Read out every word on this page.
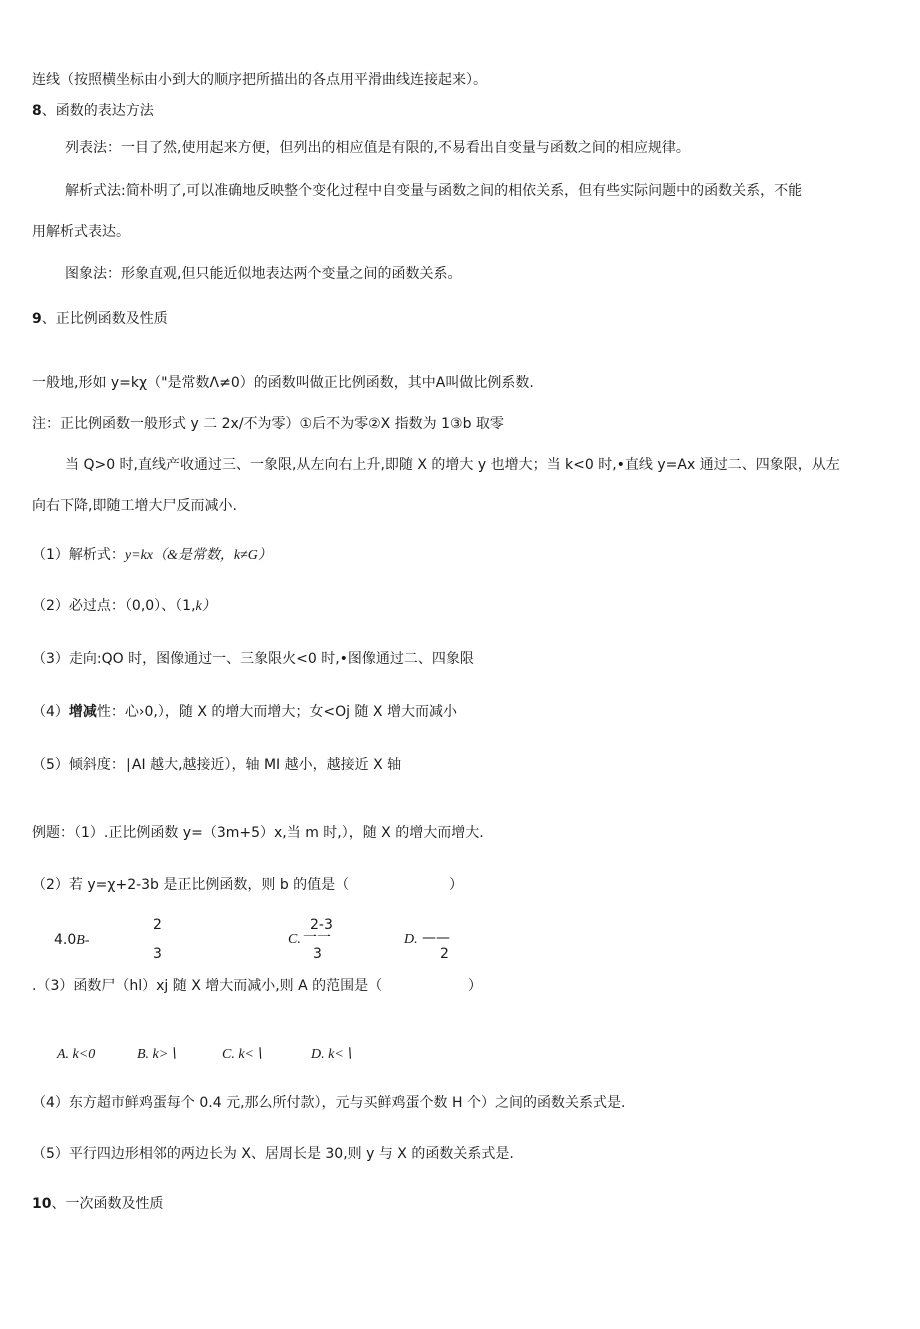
连线（按照横坐标由小到大的顺序把所描出的各点用平滑曲线连接起来）。
8、函数的表达方法
列表法：一目了然,使用起来方便，但列出的相应值是有限的,不易看出自变量与函数之间的相应规律。
解析式法:简朴明了,可以准确地反映整个变化过程中自变量与函数之间的相依关系，但有些实际问题中的函数关系，不能
用解析式表达。
图象法：形象直观,但只能近似地表达两个变量之间的函数关系。
9、正比例函数及性质
一般地,形如 y=kχ（"是常数Λ≠0）的函数叫做正比例函数，其中A叫做比例系数.
注：正比例函数一般形式 y 二 2x/不为零）①后不为零②X 指数为 1③b 取零
当 Q>0 时,直线产收通过三、一象限,从左向右上升,即随 X 的增大 y 也增大；当 k<0 时,•直线 y=Ax 通过二、四象限，从左
向右下降,即随工增大尸反而减小.
（1）解析式：y=kx（&是常数，k≠G）
（2）必过点：（0,0）、（1,k）
（3）走向:QO 时，图像通过一、三象限火<0 时,•图像通过二、四象限
（4）增减性：心›0,），随 X 的增大而增大；女<Oj 随 X 增大而减小
（5）倾斜度：∣AI 越大,越接近），轴 MI 越小，越接近 X 轴
例题：（1）.正比例函数 y=（3m+5）x,当 m 时,），随 X 的增大而增大.
（2）若 y=χ+2-3b 是正比例函数，则 b 的值是（	）
4.0B-
2
3
C. 一一
2-3
3
D. ——
2
.（3）函数尸（hl）xj 随 X 增大而减小,则 A 的范围是（	）
A. k<0	B. k>∖	C. k<∖	D. k<∖
（4）东方超市鲜鸡蛋每个 0.4 元,那么所付款），元与买鲜鸡蛋个数 H 个）之间的函数关系式是.
（5）平行四边形相邻的两边长为 X、居周长是 30,则 y 与 X 的函数关系式是.
10、一次函数及性质
